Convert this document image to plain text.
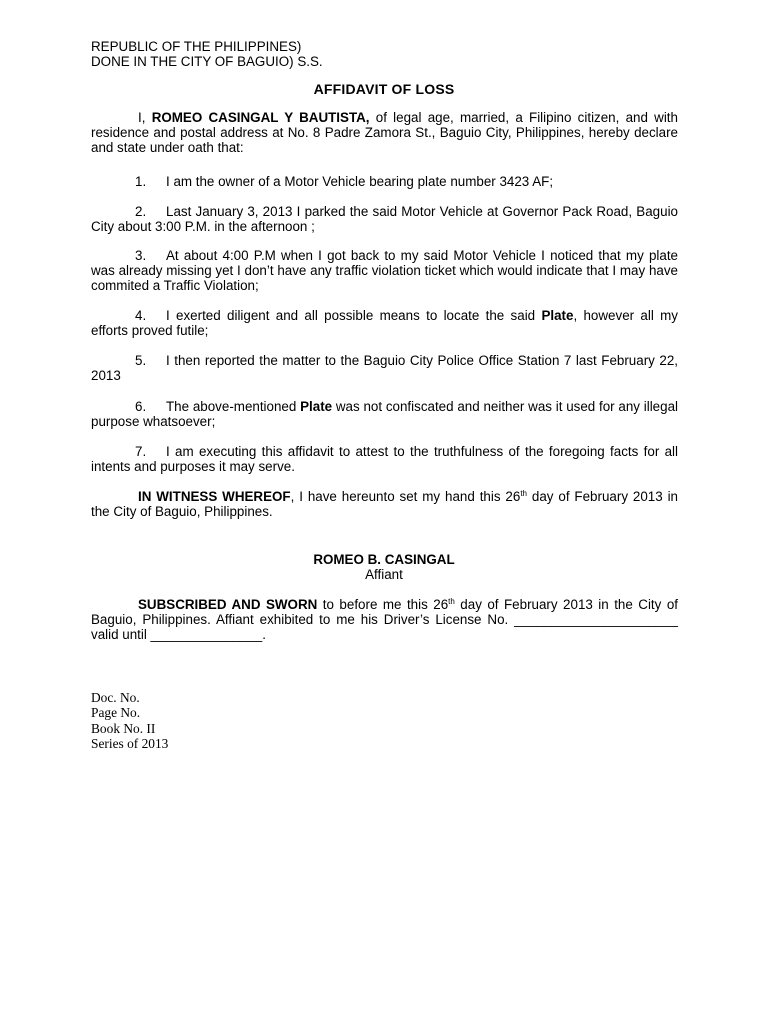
REPUBLIC OF THE PHILIPPINES)
DONE IN THE CITY OF BAGUIO) S.S.
AFFIDAVIT OF LOSS
I, ROMEO CASINGAL Y BAUTISTA, of legal age, married, a Filipino citizen, and with residence and postal address at No. 8 Padre Zamora St., Baguio City, Philippines, hereby declare and state under oath that:
1. I am the owner of a Motor Vehicle bearing plate number 3423 AF;
2. Last January 3, 2013 I parked the said Motor Vehicle at Governor Pack Road, Baguio City about 3:00 P.M. in the afternoon ;
3. At about 4:00 P.M when I got back to my said Motor Vehicle I noticed that my plate was already missing yet I don’t have any traffic violation ticket which would indicate that I may have commited a Traffic Violation;
4. I exerted diligent and all possible means to locate the said Plate, however all my efforts proved futile;
5. I then reported the matter to the Baguio City Police Office Station 7 last February 22, 2013
6. The above-mentioned Plate was not confiscated and neither was it used for any illegal purpose whatsoever;
7. I am executing this affidavit to attest to the truthfulness of the foregoing facts for all intents and purposes it may serve.
IN WITNESS WHEREOF, I have hereunto set my hand this 26th day of February 2013 in the City of Baguio, Philippines.
ROMEO B. CASINGAL
Affiant
SUBSCRIBED AND SWORN to before me this 26th day of February 2013 in the City of Baguio, Philippines. Affiant exhibited to me his Driver’s License No. ______________________ valid until _______________.
Doc. No.
Page No.
Book No. II
Series of 2013
